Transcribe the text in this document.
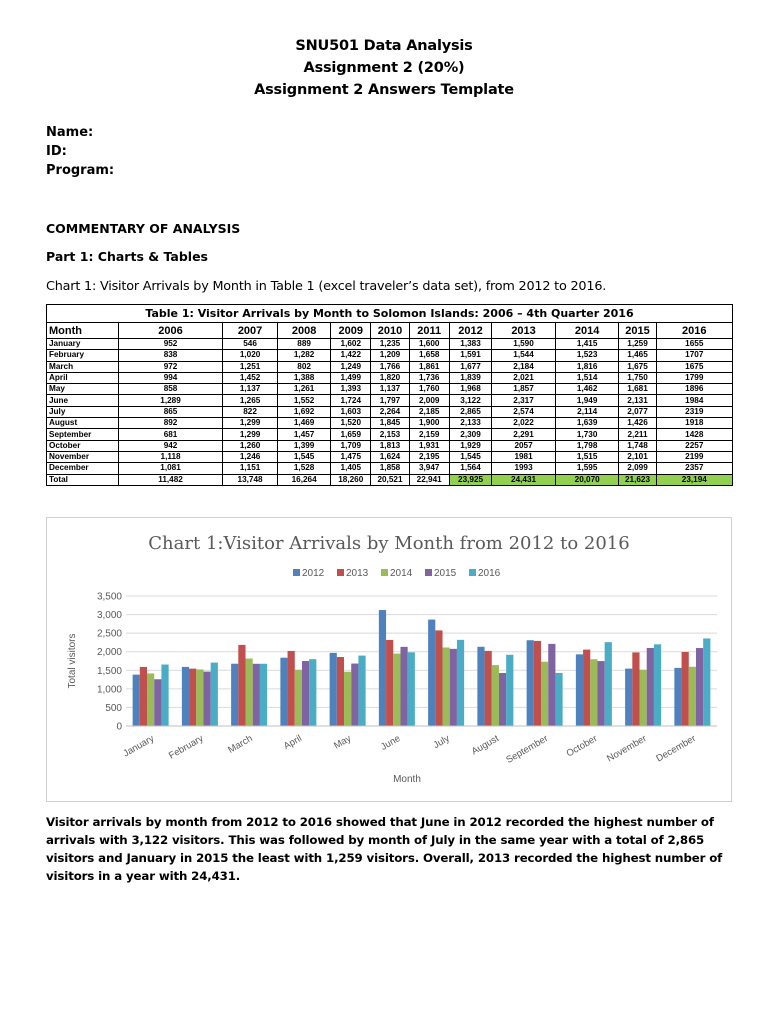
SNU501 Data Analysis
Assignment 2 (20%)
Assignment 2 Answers Template
Name:
ID:
Program:
COMMENTARY OF ANALYSIS
Part 1: Charts & Tables
Chart 1: Visitor Arrivals by Month in Table 1 (excel traveler’s data set), from 2012 to 2016.
Table 1: Visitor Arrivals by Month to Solomon Islands: 2006 – 4th Quarter 2016
Month	2006	2007	2008	2009	2010	2011	2012	2013	2014	2015	2016
January	952	546	889	1,602	1,235	1,600	1,383	1,590	1,415	1,259	1655
February	838	1,020	1,282	1,422	1,209	1,658	1,591	1,544	1,523	1,465	1707
March	972	1,251	802	1,249	1,766	1,861	1,677	2,184	1,816	1,675	1675
April	994	1,452	1,388	1,499	1,820	1,736	1,839	2,021	1,514	1,750	1799
May	858	1,137	1,261	1,393	1,137	1,760	1,968	1,857	1,462	1,681	1896
June	1,289	1,265	1,552	1,724	1,797	2,009	3,122	2,317	1,949	2,131	1984
July	865	822	1,692	1,603	2,264	2,185	2,865	2,574	2,114	2,077	2319
August	892	1,299	1,469	1,520	1,845	1,900	2,133	2,022	1,639	1,426	1918
September	681	1,299	1,457	1,659	2,153	2,159	2,309	2,291	1,730	2,211	1428
October	942	1,260	1,399	1,709	1,813	1,931	1,929	2057	1,798	1,748	2257
November	1,118	1,246	1,545	1,475	1,624	2,195	1,545	1981	1,515	2,101	2199
December	1,081	1,151	1,528	1,405	1,858	3,947	1,564	1993	1,595	2,099	2357
Total	11,482	13,748	16,264	18,260	20,521	22,941	23,925	24,431	20,070	21,623	23,194
Chart 1:Visitor Arrivals by Month from 2012 to 2016
2012 2013 2014 2015 2016
0
500
1,000
1,500
2,000
2,500
3,000
3,500
Total visitors
January February March	April	May	June	July August September October November December
Month
Visitor arrivals by month from 2012 to 2016 showed that June in 2012 recorded the highest number of arrivals with 3,122 visitors. This was followed by month of July in the same year with a total of 2,865 visitors and January in 2015 the least with 1,259 visitors. Overall, 2013 recorded the highest number of visitors in a year with 24,431.
